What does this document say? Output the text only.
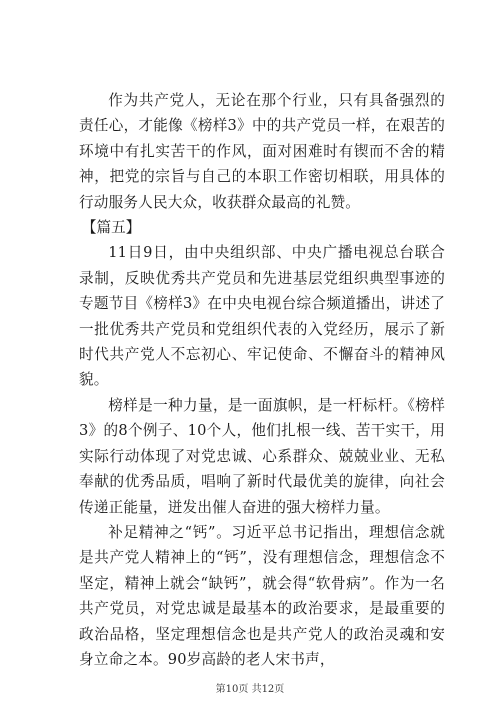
作为共产党人，无论在那个行业，只有具备强烈的责任心，才能像《榜样3》中的共产党员一样，在艰苦的环境中有扎实苦干的作风，面对困难时有锲而不舍的精神，把党的宗旨与自己的本职工作密切相联，用具体的行动服务人民大众，收获群众最高的礼赞。

【篇五】

11日9日，由中央组织部、中央广播电视总台联合录制，反映优秀共产党员和先进基层党组织典型事迹的专题节目《榜样3》在中央电视台综合频道播出，讲述了一批优秀共产党员和党组织代表的入党经历，展示了新时代共产党人不忘初心、牢记使命、不懈奋斗的精神风貌。

榜样是一种力量，是一面旗帜，是一杆标杆。《榜样3》的8个例子、10个人，他们扎根一线、苦干实干，用实际行动体现了对党忠诚、心系群众、兢兢业业、无私奉献的优秀品质，唱响了新时代最优美的旋律，向社会传递正能量，迸发出催人奋进的强大榜样力量。

补足精神之“钙”。习近平总书记指出，理想信念就是共产党人精神上的“钙”，没有理想信念，理想信念不坚定，精神上就会“缺钙”，就会得“软骨病”。作为一名共产党员，对党忠诚是最基本的政治要求，是最重要的政治品格，坚定理想信念也是共产党人的政治灵魂和安身立命之本。90岁高龄的老人宋书声，

第10页 共12页
